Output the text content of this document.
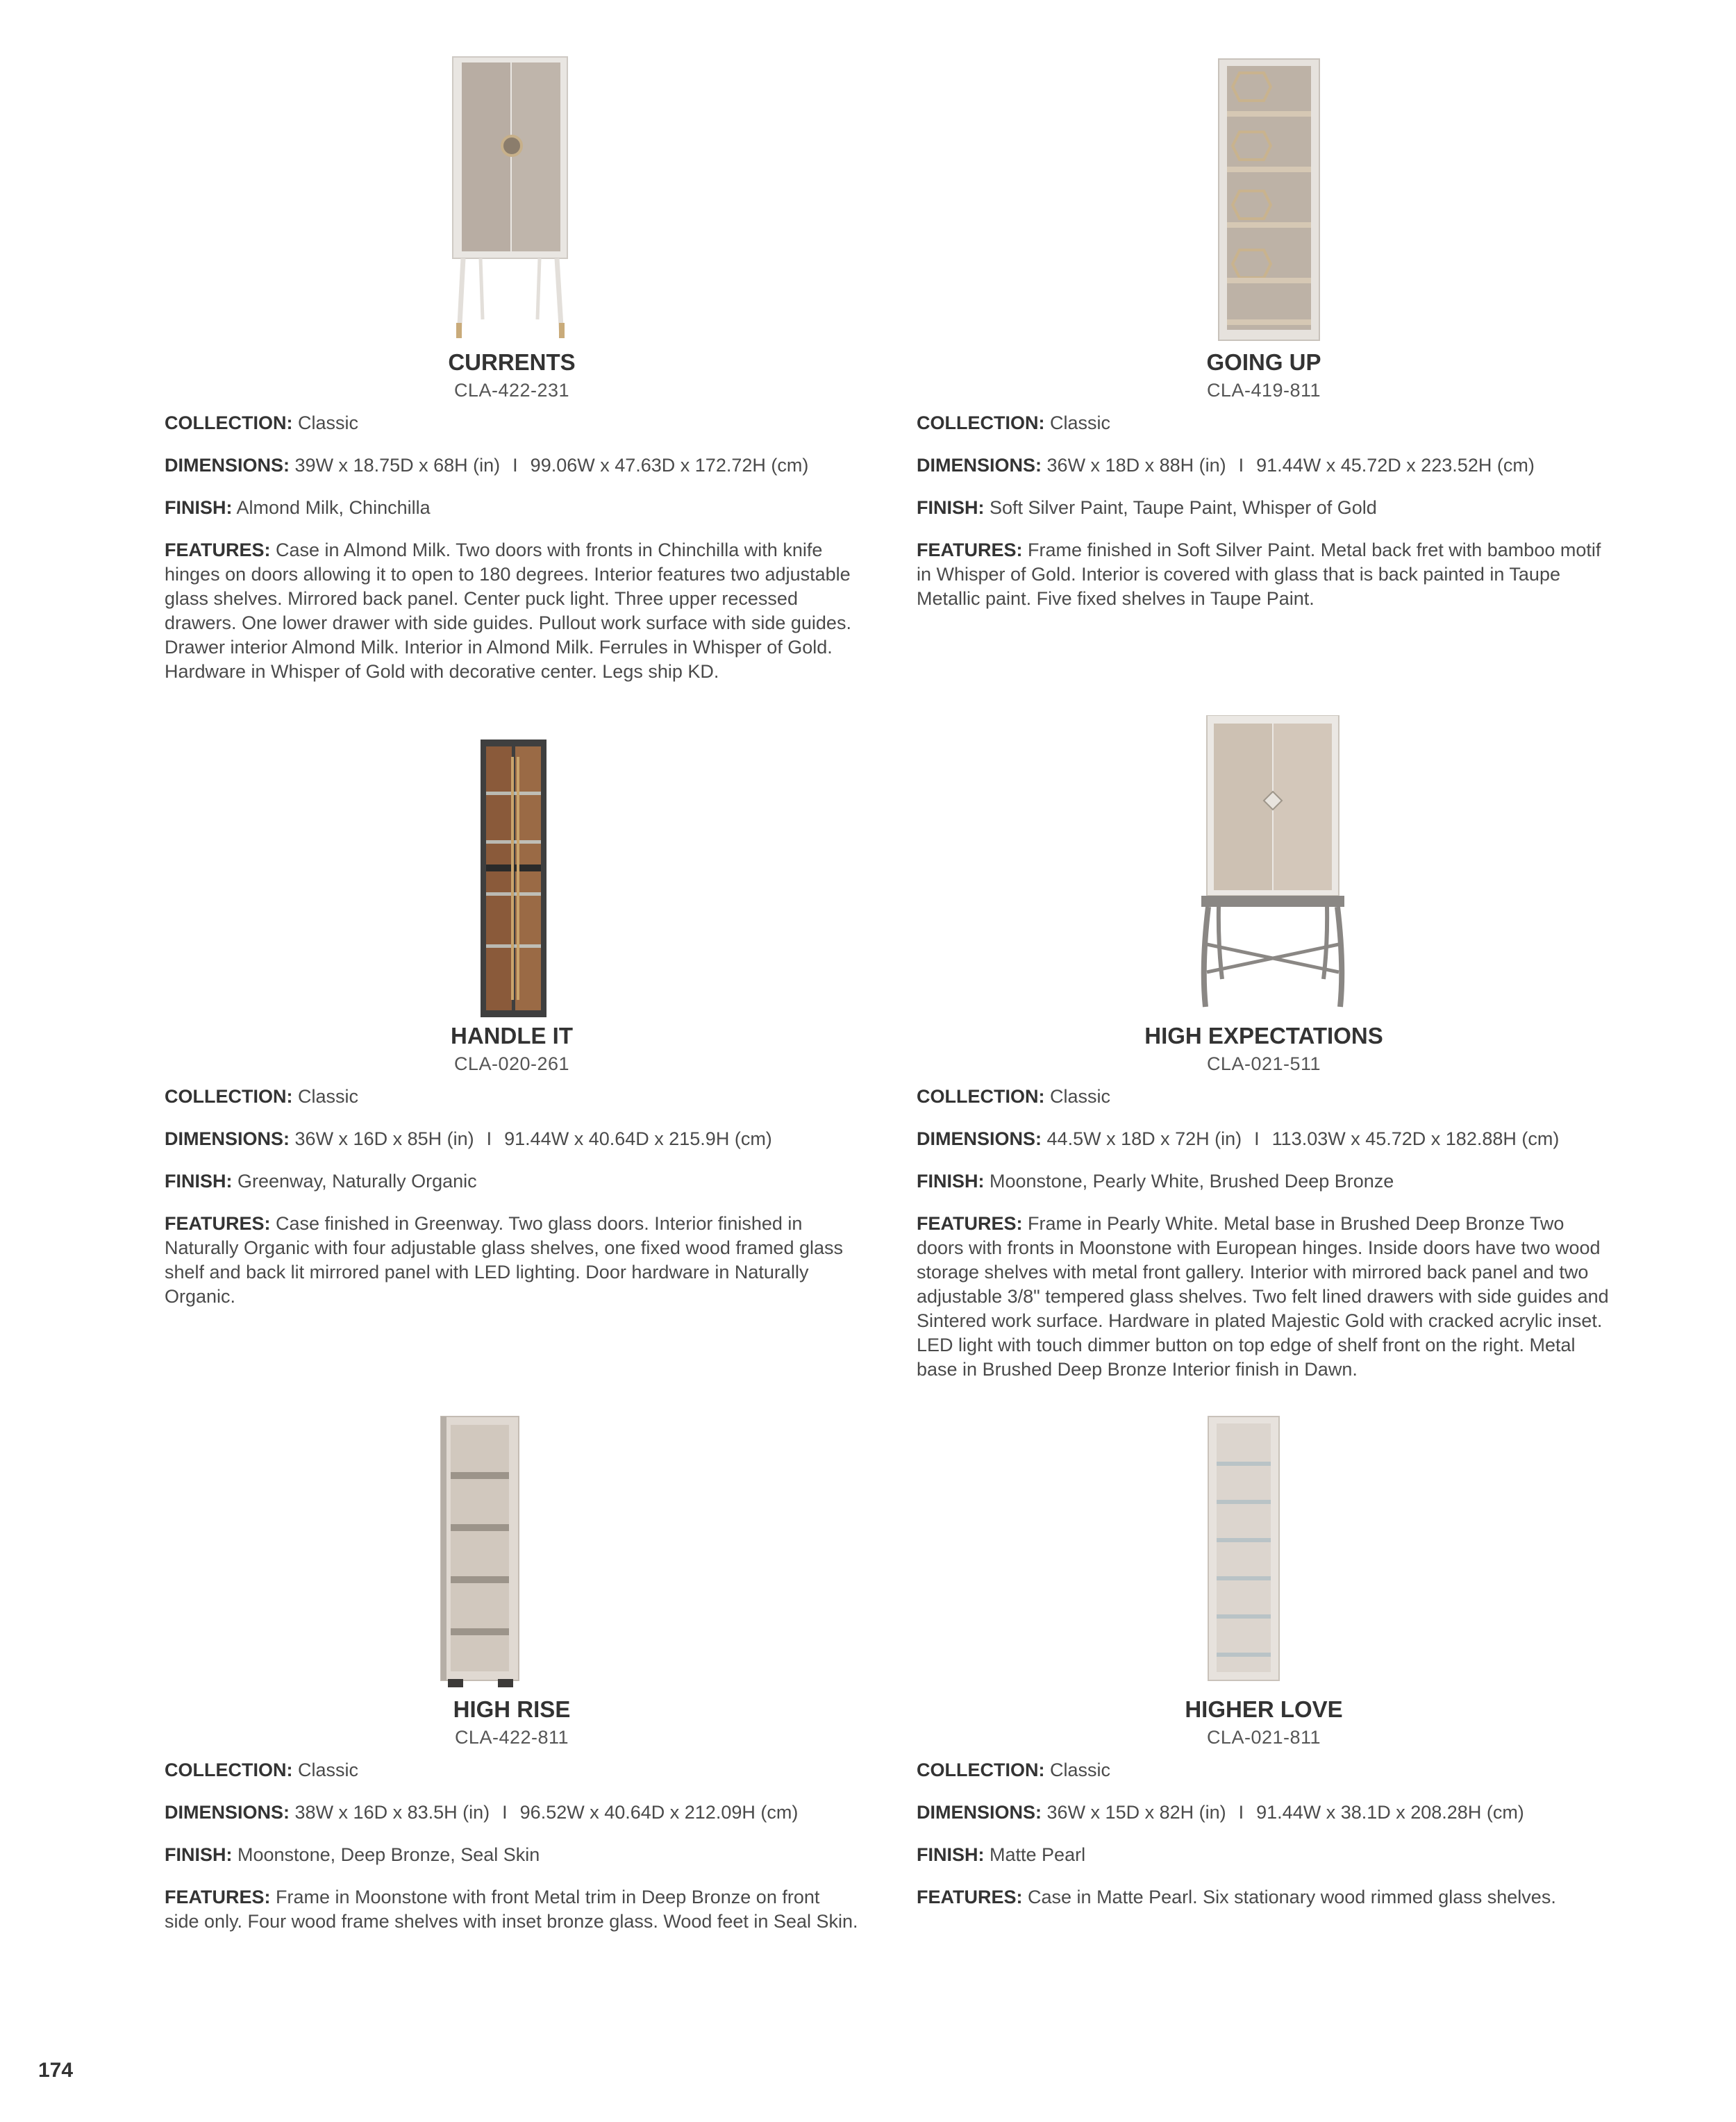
CURRENTS
CLA-422-231
COLLECTION: Classic
DIMENSIONS: 39W x 18.75D x 68H (in) I 99.06W x 47.63D x 172.72H (cm)
FINISH: Almond Milk, Chinchilla
FEATURES: Case in Almond Milk. Two doors with fronts in Chinchilla with knife hinges on doors allowing it to open to 180 degrees. Interior features two adjustable glass shelves. Mirrored back panel. Center puck light. Three upper recessed drawers. One lower drawer with side guides. Pullout work surface with side guides. Drawer interior Almond Milk. Interior in Almond Milk. Ferrules in Whisper of Gold. Hardware in Whisper of Gold with decorative center. Legs ship KD.
GOING UP
CLA-419-811
COLLECTION: Classic
DIMENSIONS: 36W x 18D x 88H (in) I 91.44W x 45.72D x 223.52H (cm)
FINISH: Soft Silver Paint, Taupe Paint, Whisper of Gold
FEATURES: Frame finished in Soft Silver Paint. Metal back fret with bamboo motif in Whisper of Gold. Interior is covered with glass that is back painted in Taupe Metallic paint. Five fixed shelves in Taupe Paint.
HANDLE IT
CLA-020-261
COLLECTION: Classic
DIMENSIONS: 36W x 16D x 85H (in) I 91.44W x 40.64D x 215.9H (cm)
FINISH: Greenway, Naturally Organic
FEATURES: Case finished in Greenway. Two glass doors. Interior finished in Naturally Organic with four adjustable glass shelves, one fixed wood framed glass shelf and back lit mirrored panel with LED lighting. Door hardware in Naturally Organic.
HIGH EXPECTATIONS
CLA-021-511
COLLECTION: Classic
DIMENSIONS: 44.5W x 18D x 72H (in) I 113.03W x 45.72D x 182.88H (cm)
FINISH: Moonstone, Pearly White, Brushed Deep Bronze
FEATURES: Frame in Pearly White. Metal base in Brushed Deep Bronze Two doors with fronts in Moonstone with European hinges. Inside doors have two wood storage shelves with metal front gallery. Interior with mirrored back panel and two adjustable 3/8" tempered glass shelves. Two felt lined drawers with side guides and Sintered work surface. Hardware in plated Majestic Gold with cracked acrylic inset. LED light with touch dimmer button on top edge of shelf front on the right. Metal base in Brushed Deep Bronze Interior finish in Dawn.
HIGH RISE
CLA-422-811
COLLECTION: Classic
DIMENSIONS: 38W x 16D x 83.5H (in) I 96.52W x 40.64D x 212.09H (cm)
FINISH: Moonstone, Deep Bronze, Seal Skin
FEATURES: Frame in Moonstone with front Metal trim in Deep Bronze on front side only. Four wood frame shelves with inset bronze glass. Wood feet in Seal Skin.
HIGHER LOVE
CLA-021-811
COLLECTION: Classic
DIMENSIONS: 36W x 15D x 82H (in) I 91.44W x 38.1D x 208.28H (cm)
FINISH: Matte Pearl
FEATURES: Case in Matte Pearl. Six stationary wood rimmed glass shelves.
174
